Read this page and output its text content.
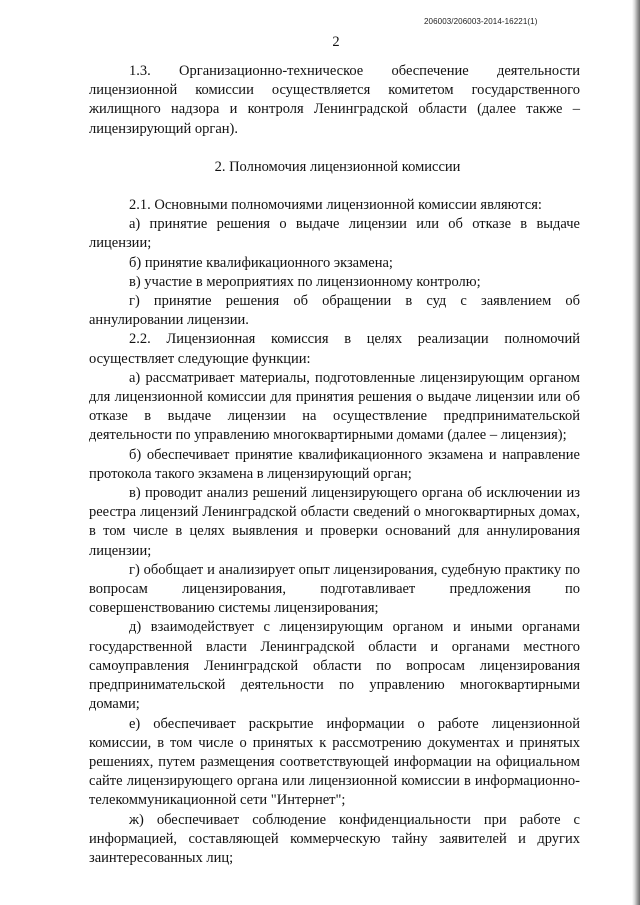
206003/206003-2014-16221(1)
2

1.3. Организационно-техническое обеспечение деятельности лицензионной комиссии осуществляется комитетом государственного жилищного надзора и контроля Ленинградской области (далее также – лицензирующий орган).

2. Полномочия лицензионной комиссии

2.1. Основными полномочиями лицензионной комиссии являются:

а) принятие решения о выдаче лицензии или об отказе в выдаче лицензии;

б) принятие квалификационного экзамена;

в) участие в мероприятиях по лицензионному контролю;

г) принятие решения об обращении в суд с заявлением об аннулировании лицензии.

2.2. Лицензионная комиссия в целях реализации полномочий осуществляет следующие функции:

а) рассматривает материалы, подготовленные лицензирующим органом для лицензионной комиссии для принятия решения о выдаче лицензии или об отказе в выдаче лицензии на осуществление предпринимательской деятельности по управлению многоквартирными домами (далее – лицензия);

б) обеспечивает принятие квалификационного экзамена и направление протокола такого экзамена в лицензирующий орган;

в) проводит анализ решений лицензирующего органа об исключении из реестра лицензий Ленинградской области сведений о многоквартирных домах, в том числе в целях выявления и проверки оснований для аннулирования лицензии;

г) обобщает и анализирует опыт лицензирования, судебную практику по вопросам лицензирования, подготавливает предложения по совершенствованию системы лицензирования;

д) взаимодействует с лицензирующим органом и иными органами государственной власти Ленинградской области и органами местного самоуправления Ленинградской области по вопросам лицензирования предпринимательской деятельности по управлению многоквартирными домами;

е) обеспечивает раскрытие информации о работе лицензионной комиссии, в том числе о принятых к рассмотрению документах и принятых решениях, путем размещения соответствующей информации на официальном сайте лицензирующего органа или лицензионной комиссии в информационно-телекоммуникационной сети "Интернет";

ж) обеспечивает соблюдение конфиденциальности при работе с информацией, составляющей коммерческую тайну заявителей и других заинтересованных лиц;
